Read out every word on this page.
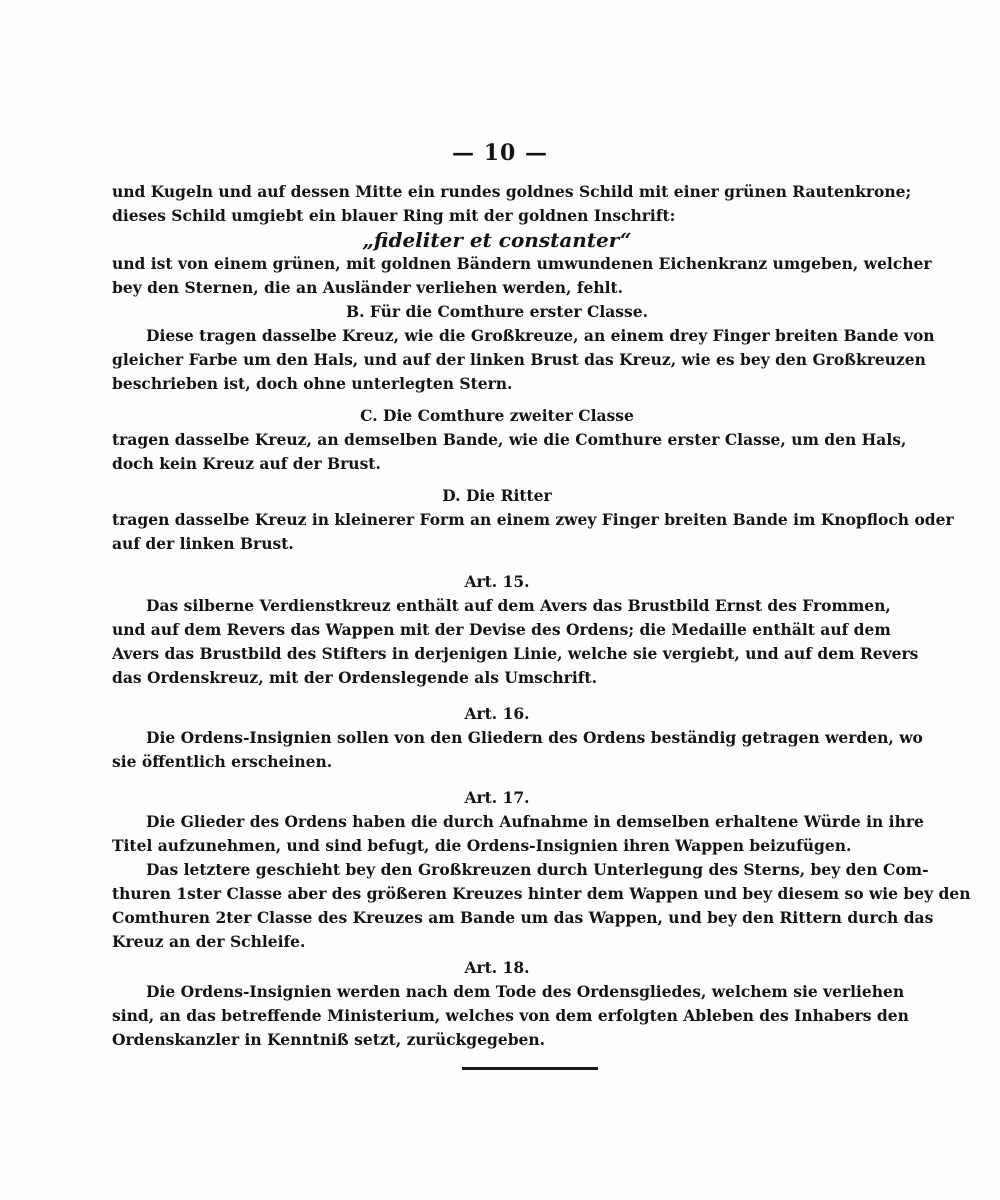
— 10 —
und Kugeln und auf dessen Mitte ein rundes goldnes Schild mit einer grünen Rautenkrone;
dieses Schild umgiebt ein blauer Ring mit der goldnen Inschrift:
„fideliter et constanter“
und ist von einem grünen, mit goldnen Bändern umwundenen Eichenkranz umgeben, welcher
bey den Sternen, die an Ausländer verliehen werden, fehlt.
B. Für die Comthure erster Classe.
Diese tragen dasselbe Kreuz, wie die Großkreuze, an einem drey Finger breiten Bande von
gleicher Farbe um den Hals, und auf der linken Brust das Kreuz, wie es bey den Großkreuzen
beschrieben ist, doch ohne unterlegten Stern.
C. Die Comthure zweiter Classe
tragen dasselbe Kreuz, an demselben Bande, wie die Comthure erster Classe, um den Hals,
doch kein Kreuz auf der Brust.
D. Die Ritter
tragen dasselbe Kreuz in kleinerer Form an einem zwey Finger breiten Bande im Knopfloch oder
auf der linken Brust.
Art. 15.
Das silberne Verdienstkreuz enthält auf dem Avers das Brustbild Ernst des Frommen,
und auf dem Revers das Wappen mit der Devise des Ordens; die Medaille enthält auf dem
Avers das Brustbild des Stifters in derjenigen Linie, welche sie vergiebt, und auf dem Revers
das Ordenskreuz, mit der Ordenslegende als Umschrift.
Art. 16.
Die Ordens-Insignien sollen von den Gliedern des Ordens beständig getragen werden, wo
sie öffentlich erscheinen.
Art. 17.
Die Glieder des Ordens haben die durch Aufnahme in demselben erhaltene Würde in ihre
Titel aufzunehmen, und sind befugt, die Ordens-Insignien ihren Wappen beizufügen.
Das letztere geschieht bey den Großkreuzen durch Unterlegung des Sterns, bey den Com-
thuren 1ster Classe aber des größeren Kreuzes hinter dem Wappen und bey diesem so wie bey den
Comthuren 2ter Classe des Kreuzes am Bande um das Wappen, und bey den Rittern durch das
Kreuz an der Schleife.
Art. 18.
Die Ordens-Insignien werden nach dem Tode des Ordensgliedes, welchem sie verliehen
sind, an das betreffende Ministerium, welches von dem erfolgten Ableben des Inhabers den
Ordenskanzler in Kenntniß setzt, zurückgegeben.
